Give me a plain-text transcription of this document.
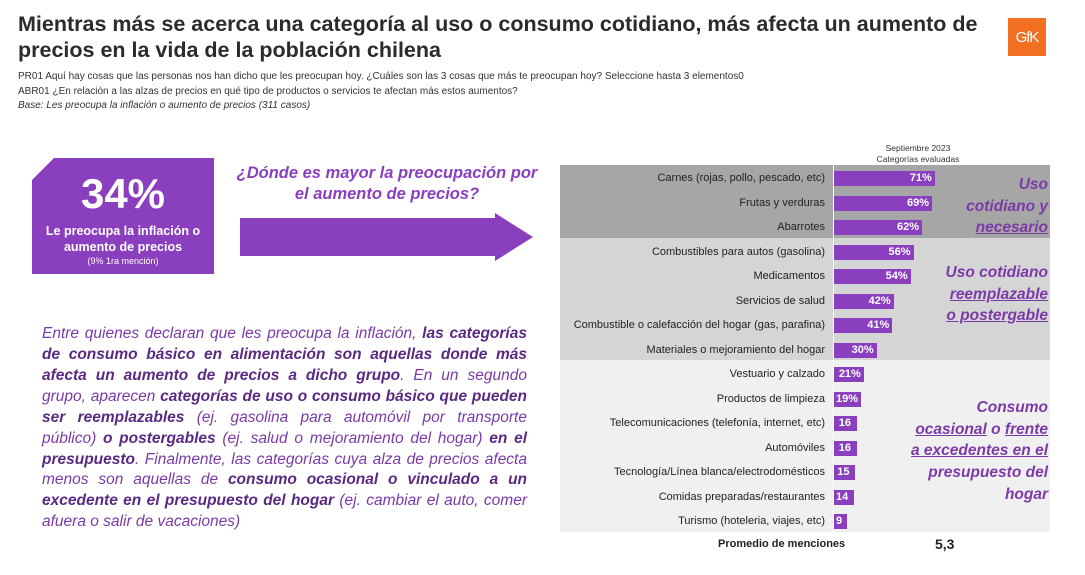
Mientras más se acerca una categoría al uso o consumo cotidiano, más afecta un aumento de precios en la vida de la población chilena
GfK
PR01 Aquí hay cosas que las personas nos han dicho que les preocupan hoy. ¿Cuáles son las 3 cosas que más te preocupan hoy? Seleccione hasta 3 elementos0
ABR01 ¿En relación a las alzas de precios en qué tipo de productos o servicios te afectan más estos aumentos?
Base: Les preocupa la inflación o aumento de precios (311 casos)
34%
Le preocupa la inflación o aumento de precios
(9% 1ra mención)
¿Dónde es mayor la preocupación por el aumento de precios?
Entre quienes declaran que les preocupa la inflación, las categorías de consumo básico en alimentación son aquellas donde más afecta un aumento de precios a dicho grupo. En un segundo grupo, aparecen categorías de uso o consumo básico que pueden ser reemplazables (ej. gasolina para automóvil por transporte público) o postergables (ej. salud o mejoramiento del hogar) en el presupuesto. Finalmente, las categorías cuya alza de precios afecta menos son aquellas de consumo ocasional o vinculado a un excedente en el presupuesto del hogar (ej. cambiar el auto, comer afuera o salir de vacaciones)
Septiembre 2023
Categorías evaluadas
Carnes (rojas, pollo, pescado, etc)	71%
Frutas y verduras	69%
Abarrotes	62%
Combustibles para autos (gasolina)	56%
Medicamentos	54%
Servicios de salud	42%
Combustible o calefacción del hogar (gas, parafina)	41%
Materiales o mejoramiento del hogar 30%
Vestuario y calzado 21%
Productos de limpieza 19%
Telecomunicaciones (telefonía, internet, etc) 16
Automóviles 16
Tecnología/Línea blanca/electrodomésticos 15
Comidas preparadas/restaurantes 14
Turismo (hoteleria, viajes, etc) 9
Uso
cotidiano y
necesario
Uso cotidiano
reemplazable
o postergable
Consumo
ocasional o frente
a excedentes en el
presupuesto del
hogar
Promedio de menciones	5,3
